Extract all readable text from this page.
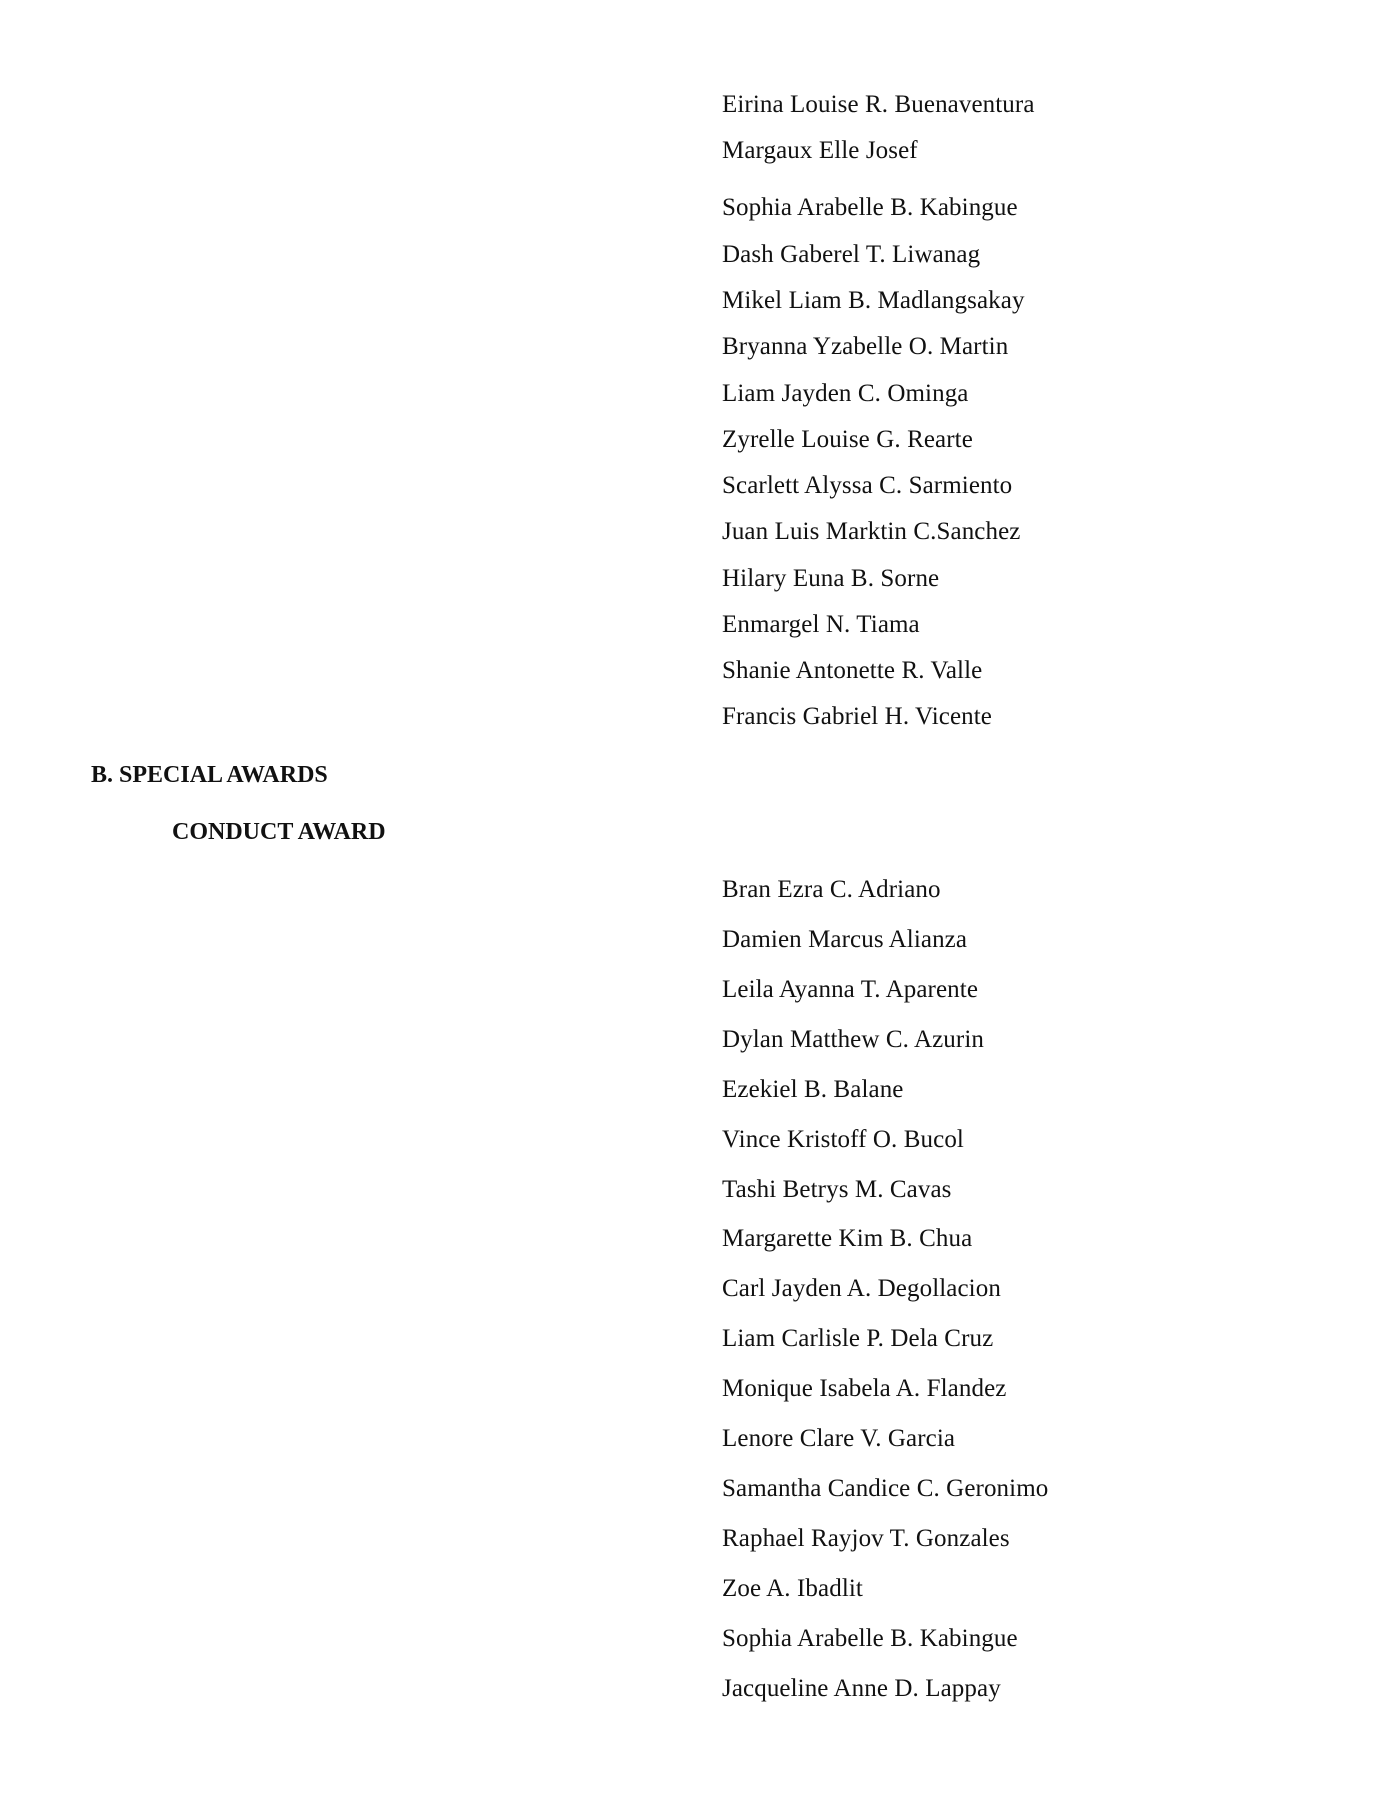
Eirina Louise R. Buenaventura
Margaux Elle Josef
Sophia Arabelle B. Kabingue
Dash Gaberel T. Liwanag
Mikel Liam B. Madlangsakay
Bryanna Yzabelle O. Martin
Liam Jayden C. Ominga
Zyrelle Louise G. Rearte
Scarlett Alyssa C. Sarmiento
Juan Luis Marktin C.Sanchez
Hilary Euna B. Sorne
Enmargel N. Tiama
Shanie Antonette R. Valle
Francis Gabriel H. Vicente
B. SPECIAL AWARDS
CONDUCT AWARD
Bran Ezra C. Adriano
Damien Marcus Alianza
Leila Ayanna T. Aparente
Dylan Matthew C. Azurin
Ezekiel B. Balane
Vince Kristoff O. Bucol
Tashi Betrys M. Cavas
Margarette Kim B. Chua
Carl Jayden A. Degollacion
Liam Carlisle P. Dela Cruz
Monique Isabela A. Flandez
Lenore Clare V. Garcia
Samantha Candice C. Geronimo
Raphael Rayjov T. Gonzales
Zoe A. Ibadlit
Sophia Arabelle B. Kabingue
Jacqueline Anne D. Lappay
